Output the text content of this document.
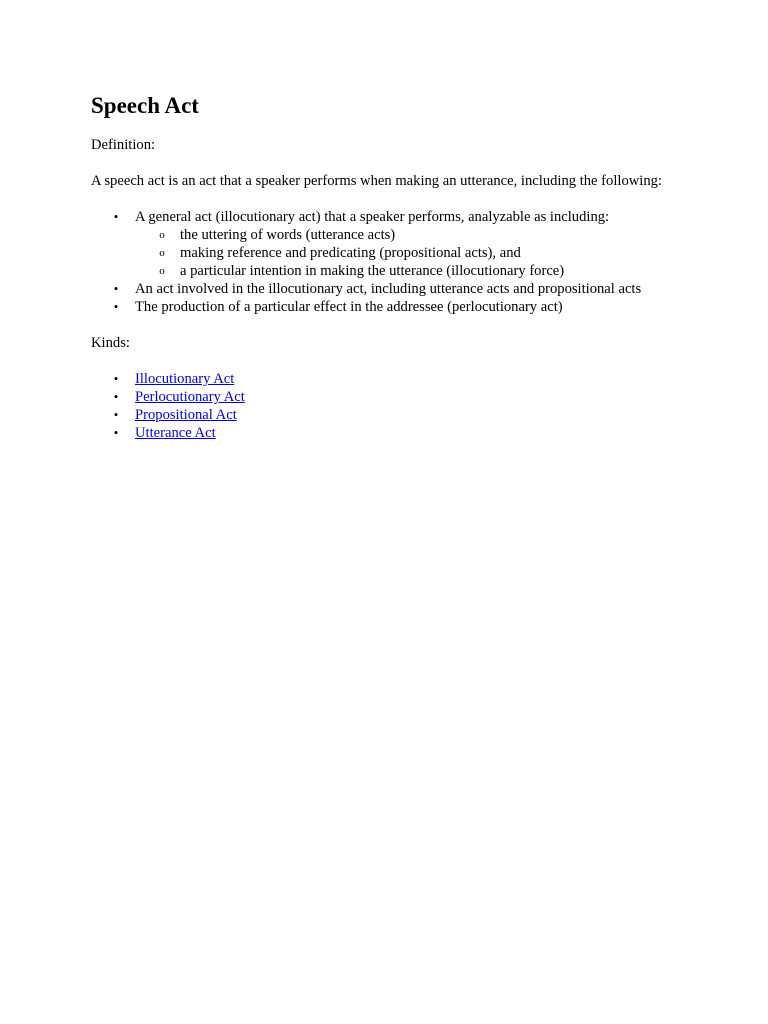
Speech Act

Definition:

A speech act is an act that a speaker performs when making an utterance, including the following:

• A general act (illocutionary act) that a speaker performs, analyzable as including:
o the uttering of words (utterance acts)
o making reference and predicating (propositional acts), and
o a particular intention in making the utterance (illocutionary force)
• An act involved in the illocutionary act, including utterance acts and propositional acts
• The production of a particular effect in the addressee (perlocutionary act)

Kinds:

• Illocutionary Act
• Perlocutionary Act
• Propositional Act
• Utterance Act
